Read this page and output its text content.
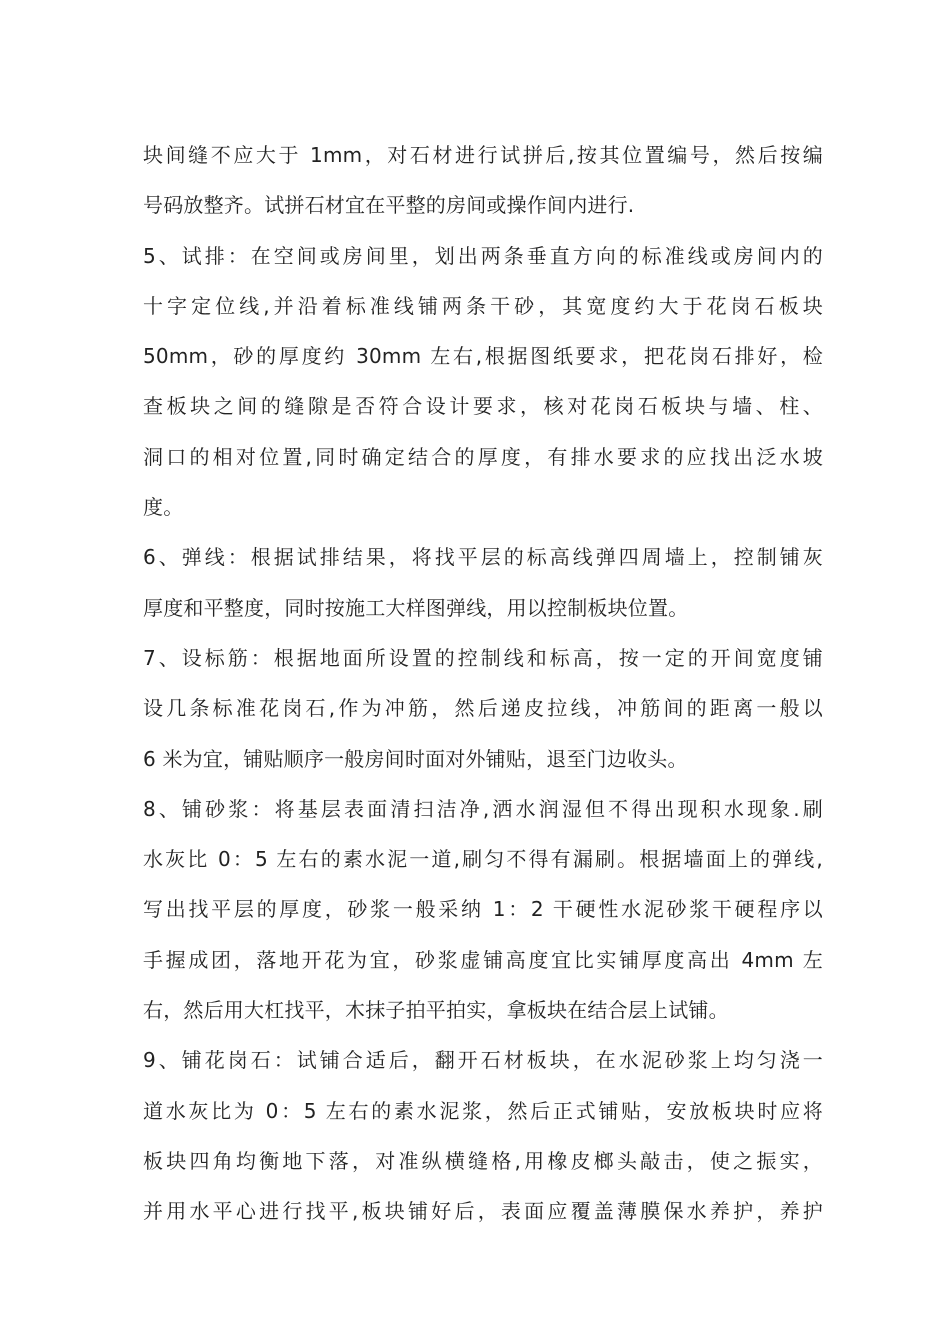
块间缝不应大于 1mm，对石材进行试拼后,按其位置编号，然后按编
号码放整齐。试拼石材宜在平整的房间或操作间内进行.
5、试排：在空间或房间里，划出两条垂直方向的标准线或房间内的
十字定位线,并沿着标准线铺两条干砂，其宽度约大于花岗石板块
50mm，砂的厚度约 30mm 左右,根据图纸要求，把花岗石排好，检
查板块之间的缝隙是否符合设计要求，核对花岗石板块与墙、柱、
洞口的相对位置,同时确定结合的厚度，有排水要求的应找出泛水坡
度。
6、弹线：根据试排结果，将找平层的标高线弹四周墙上，控制铺灰
厚度和平整度，同时按施工大样图弹线，用以控制板块位置。
7、设标筋：根据地面所设置的控制线和标高，按一定的开间宽度铺
设几条标准花岗石,作为冲筋，然后递皮拉线，冲筋间的距离一般以
6 米为宜，铺贴顺序一般房间时面对外铺贴，退至门边收头。
8、铺砂浆：将基层表面清扫洁净,洒水润湿但不得出现积水现象.刷
水灰比 0：5 左右的素水泥一道,刷匀不得有漏刷。根据墙面上的弹线,
写出找平层的厚度，砂浆一般采纳 1：2 干硬性水泥砂浆干硬程序以
手握成团，落地开花为宜，砂浆虚铺高度宜比实铺厚度高出 4mm 左
右，然后用大杠找平，木抹子拍平拍实，拿板块在结合层上试铺。
9、铺花岗石：试铺合适后，翻开石材板块，在水泥砂浆上均匀浇一
道水灰比为 0：5 左右的素水泥浆，然后正式铺贴，安放板块时应将
板块四角均衡地下落，对准纵横缝格,用橡皮榔头敲击，使之振实，
并用水平心进行找平,板块铺好后，表面应覆盖薄膜保水养护，养护
